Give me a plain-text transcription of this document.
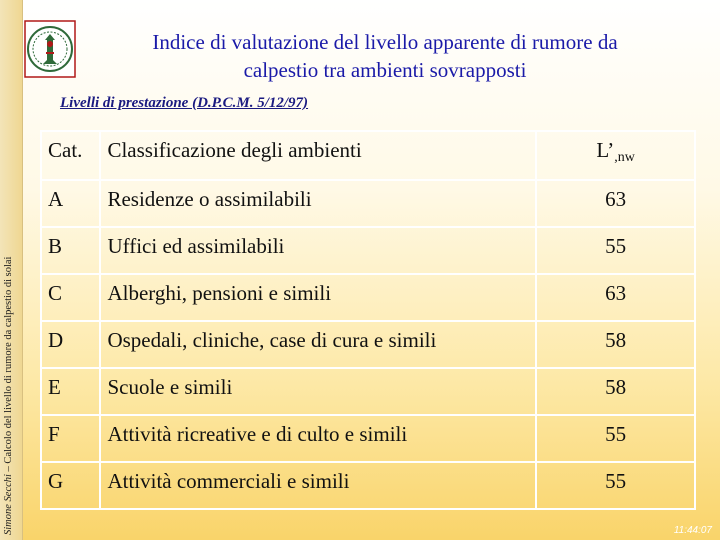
Simone Secchi – Calcolo del livello di rumore da calpestio di solai
Indice di valutazione del livello apparente di rumore da
calpestio tra ambienti sovrapposti
Livelli di prestazione (D.P.C.M. 5/12/97)
Cat.	Classificazione degli ambienti	$L’_{,nw}$
A	Residenze o assimilabili	63
B	Uffici ed assimilabili	55
C	Alberghi, pensioni e simili	63
D	Ospedali, cliniche, case di cura e simili	58
E	Scuole e simili	58
F	Attività ricreative e di culto e simili	55
G	Attività commerciali e simili	55
11:44:07
